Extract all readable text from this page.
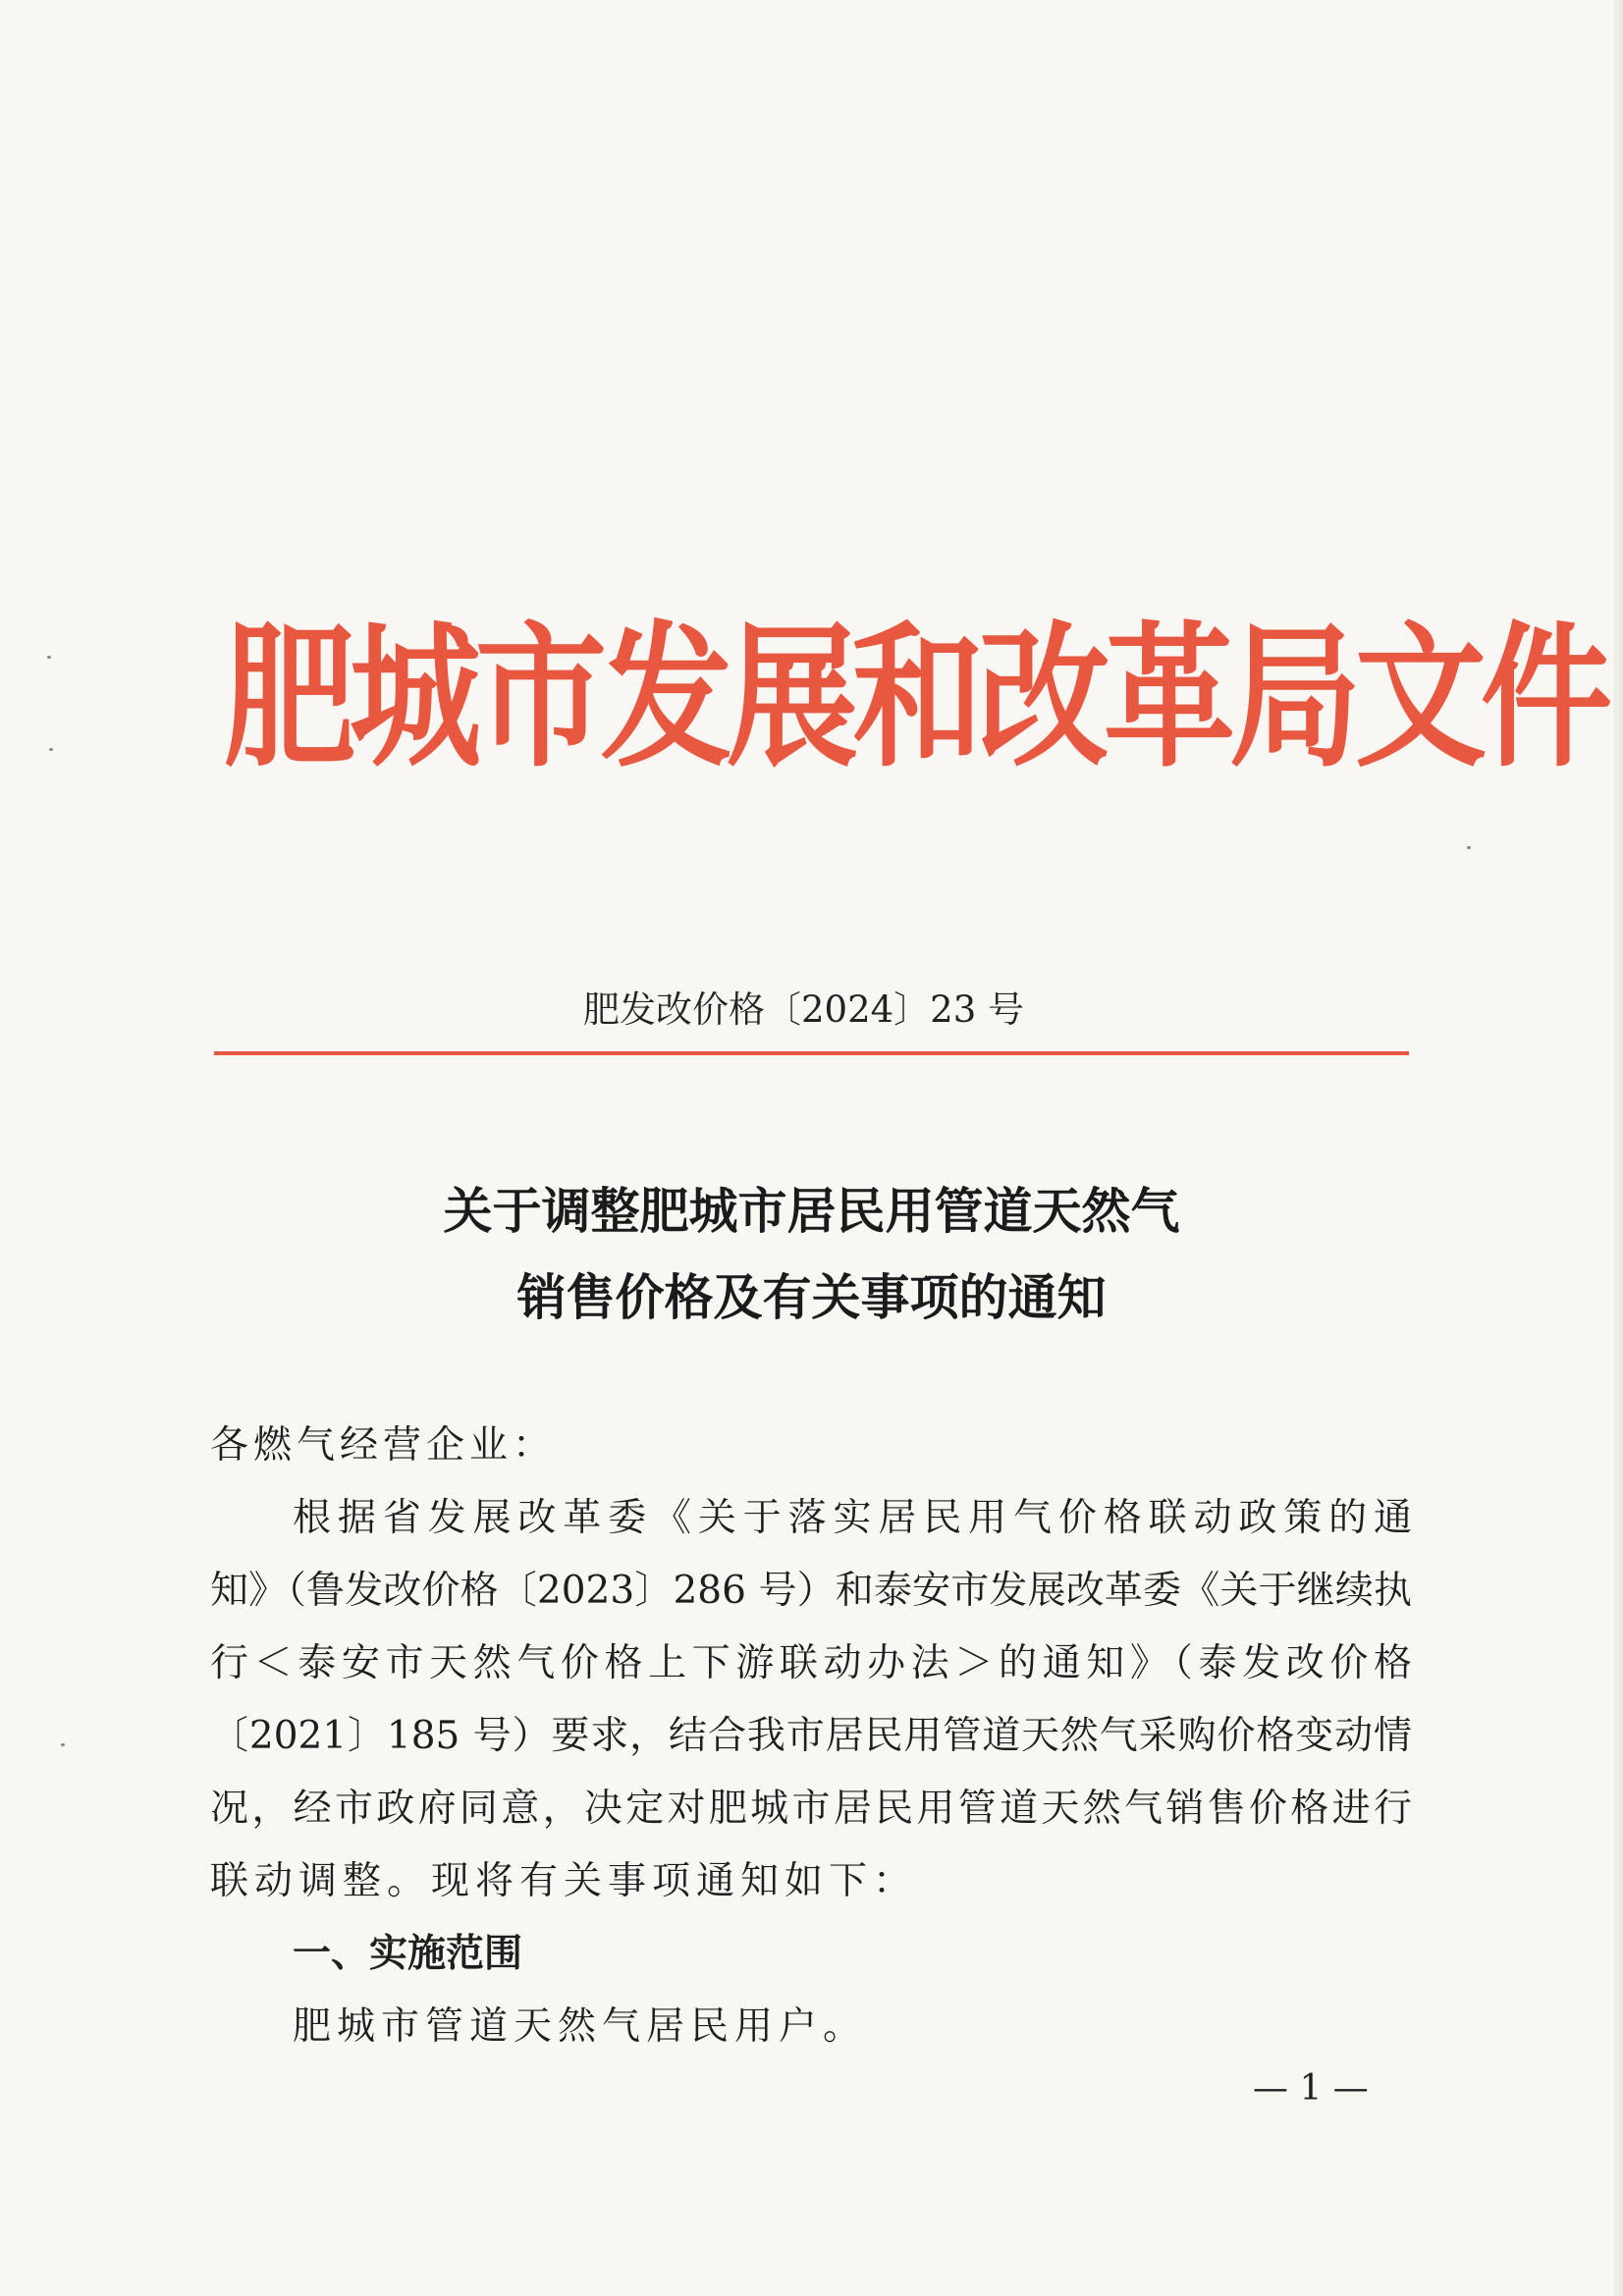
肥城市发展和改革局文件
肥发改价格〔2024〕23 号
关于调整肥城市居民用管道天然气
销售价格及有关事项的通知
各燃气经营企业：
根据省发展改革委《关于落实居民用气价格联动政策的通
知》（鲁发改价格〔2023〕286 号）和泰安市发展改革委《关于继续执
行＜泰安市天然气价格上下游联动办法＞的通知》（泰发改价格
〔2021〕185 号）要求，结合我市居民用管道天然气采购价格变动情
况，经市政府同意，决定对肥城市居民用管道天然气销售价格进行
联动调整。现将有关事项通知如下：
一、实施范围
肥城市管道天然气居民用户。
— 1 —
